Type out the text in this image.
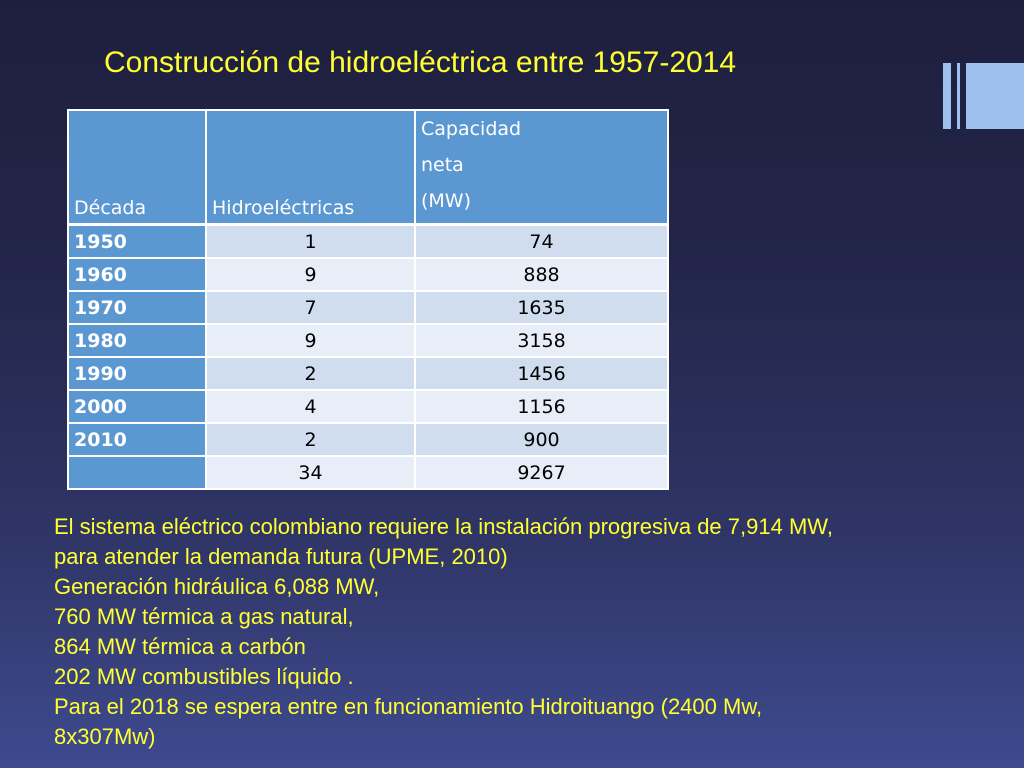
Construcción de hidroeléctrica entre 1957-2014
Década	Hidroeléctricas	Capacidad
neta
(MW)
1950	1	74
1960	9	888
1970	7	1635
1980	9	3158
1990	2	1456
2000	4	1156
2010	2	900
	34	9267
El sistema eléctrico colombiano requiere la instalación progresiva de 7,914 MW,
para atender la demanda futura (UPME, 2010)
Generación hidráulica 6,088 MW,
760 MW térmica a gas natural,
864 MW térmica a carbón
202 MW combustibles líquido .
Para el 2018 se espera entre en funcionamiento Hidroituango (2400 Mw,
8x307Mw)
